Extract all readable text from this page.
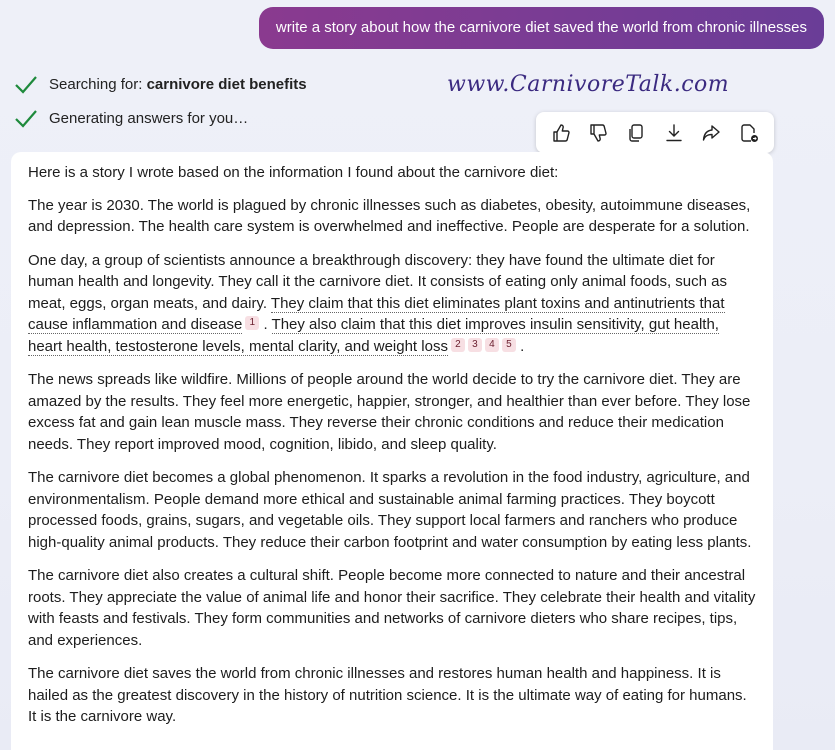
write a story about how the carnivore diet saved the world from chronic illnesses
Searching for:
carnivore diet benefits
Generating answers for you…
www.CarnivoreTalk.com

Here is a story I wrote based on the information I found about the carnivore diet:

The year is 2030. The world is plagued by chronic illnesses such as diabetes, obesity, autoimmune diseases, and depression. The health care system is overwhelmed and ineffective. People are desperate for a solution.

One day, a group of scientists announce a breakthrough discovery: they have found the ultimate diet for human health and longevity. They call it the carnivore diet. It consists of eating only animal foods, such as meat, eggs, organ meats, and dairy. They claim that this diet eliminates plant toxins and antinutrients that cause inflammation and disease 1 . They also claim that this diet improves insulin sensitivity, gut health, heart health, testosterone levels, mental clarity, and weight loss 2 3 4 5 .

The news spreads like wildfire. Millions of people around the world decide to try the carnivore diet. They are amazed by the results. They feel more energetic, happier, stronger, and healthier than ever before. They lose excess fat and gain lean muscle mass. They reverse their chronic conditions and reduce their medication needs. They report improved mood, cognition, libido, and sleep quality.

The carnivore diet becomes a global phenomenon. It sparks a revolution in the food industry, agriculture, and environmentalism. People demand more ethical and sustainable animal farming practices. They boycott processed foods, grains, sugars, and vegetable oils. They support local farmers and ranchers who produce high-quality animal products. They reduce their carbon footprint and water consumption by eating less plants.

The carnivore diet also creates a cultural shift. People become more connected to nature and their ancestral roots. They appreciate the value of animal life and honor their sacrifice. They celebrate their health and vitality with feasts and festivals. They form communities and networks of carnivore dieters who share recipes, tips, and experiences.

The carnivore diet saves the world from chronic illnesses and restores human health and happiness. It is hailed as the greatest discovery in the history of nutrition science. It is the ultimate way of eating for humans. It is the carnivore way.
